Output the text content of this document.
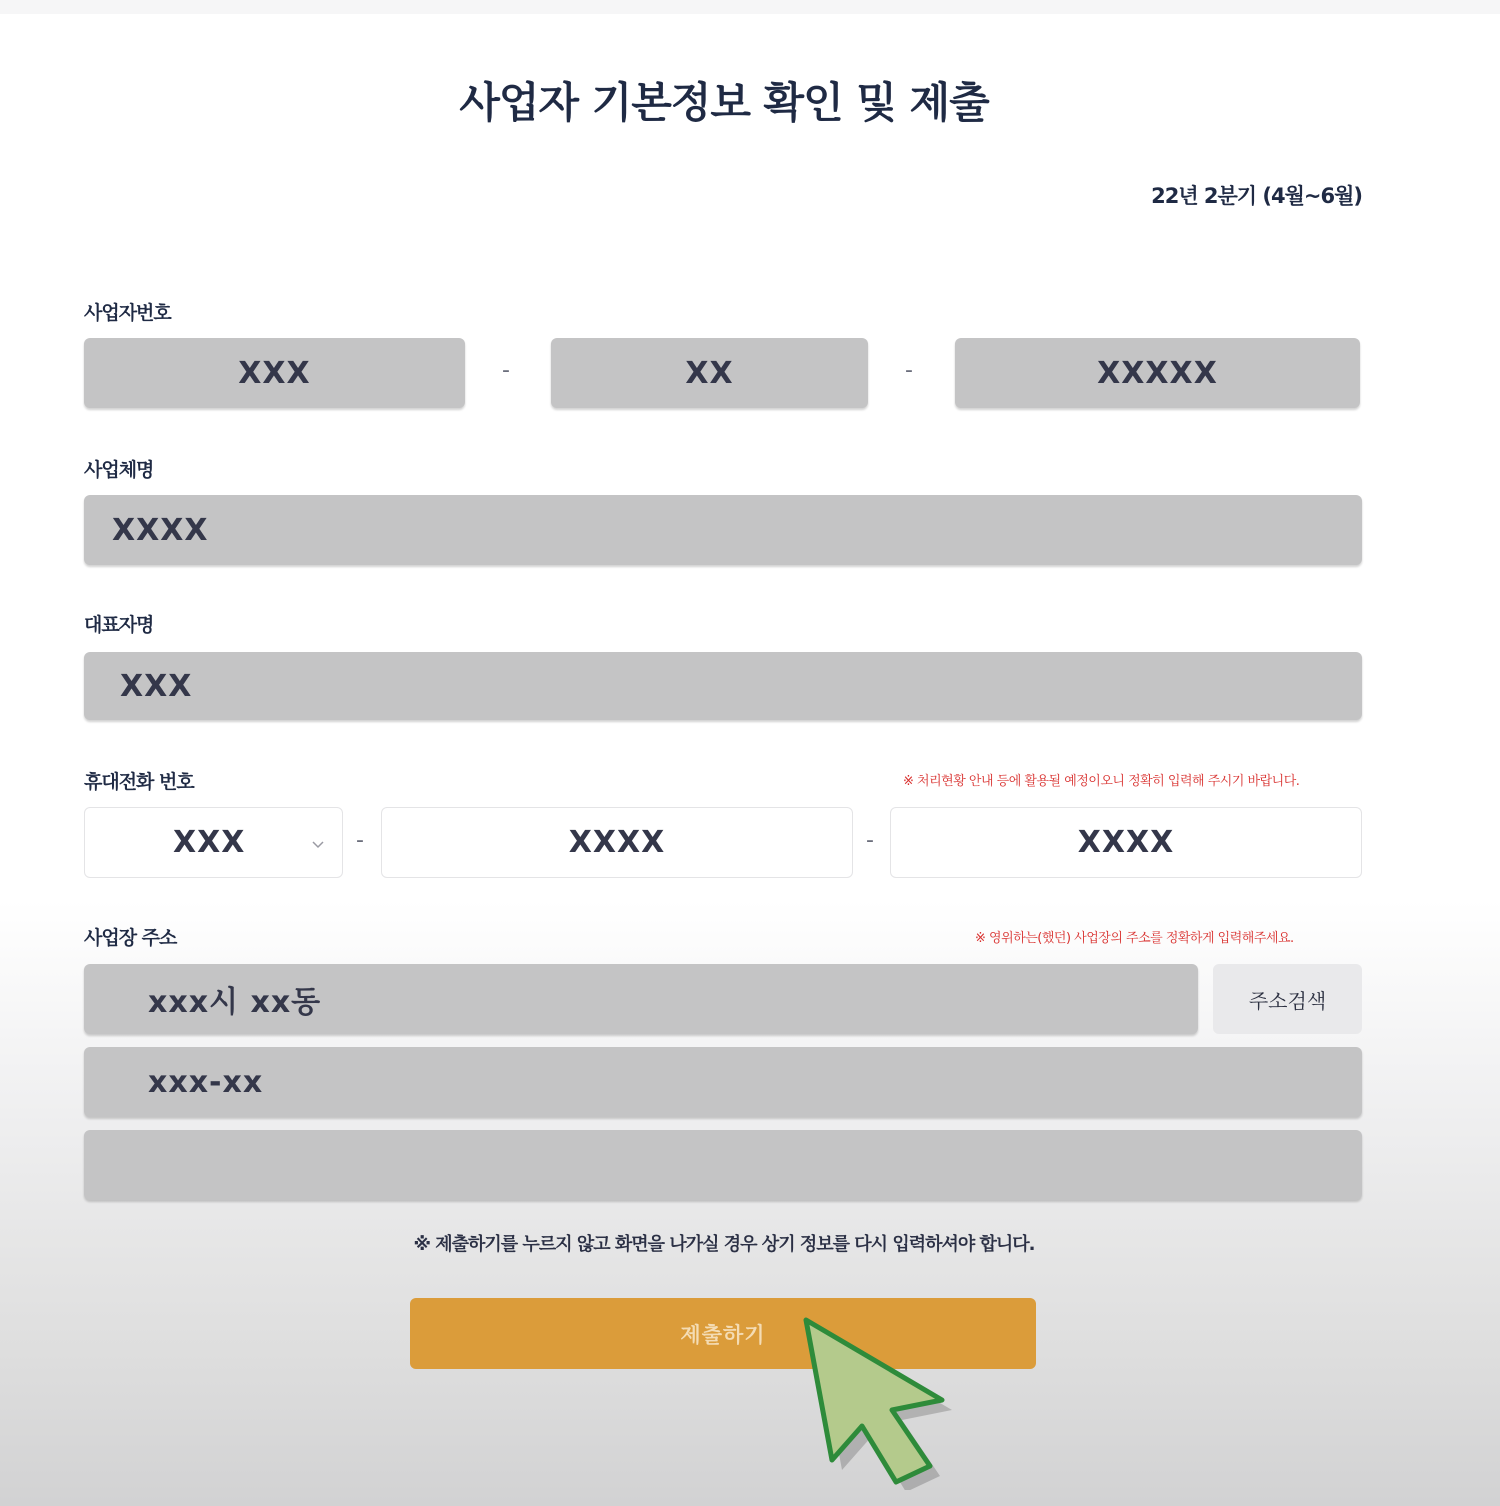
사업자 기본정보 확인 및 제출
22년 2분기 (4월~6월)
사업자번호
XXX	-	XX	-	XXXXX
사업체명
XXXX
대표자명
XXX
휴대전화 번호	※ 처리현황 안내 등에 활용될 예정이오니 정확히 입력해 주시기 바랍니다.
XXX	-	XXXX	-	XXXX
사업장 주소	※ 영위하는(했던) 사업장의 주소를 정확하게 입력해주세요.
xxx시 xx동	주소검색
xxx-xx
※ 제출하기를 누르지 않고 화면을 나가실 경우 상기 정보를 다시 입력하셔야 합니다.
제출하기
